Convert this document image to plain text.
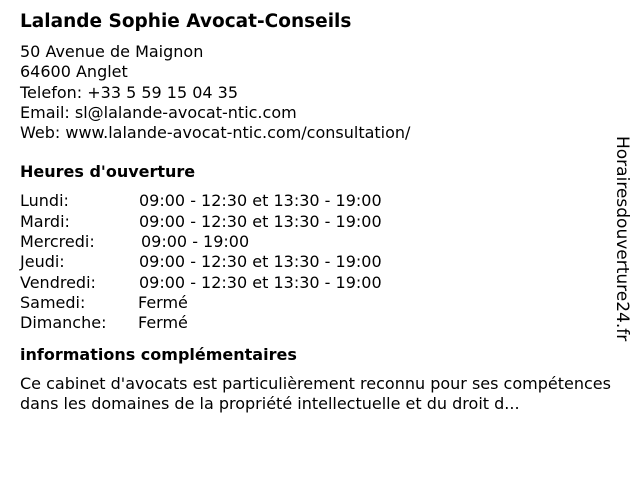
Lalande Sophie Avocat-Conseils
50 Avenue de Maignon
64600 Anglet
Telefon: +33 5 59 15 04 35
Email: sl@lalande-avocat-ntic.com
Web: www.lalande-avocat-ntic.com/consultation/
Heures d'ouverture
Lundi:	09:00 - 12:30 et 13:30 - 19:00
Mardi:	09:00 - 12:30 et 13:30 - 19:00
Mercredi:	09:00 - 19:00
Jeudi:	09:00 - 12:30 et 13:30 - 19:00
Vendredi:	09:00 - 12:30 et 13:30 - 19:00
Samedi:	Fermé
Dimanche: Fermé
informations complémentaires
Ce cabinet d'avocats est particulièrement reconnu pour ses compétences dans les domaines de la propriété intellectuelle et du droit d...
Horairesdouverture24.fr
